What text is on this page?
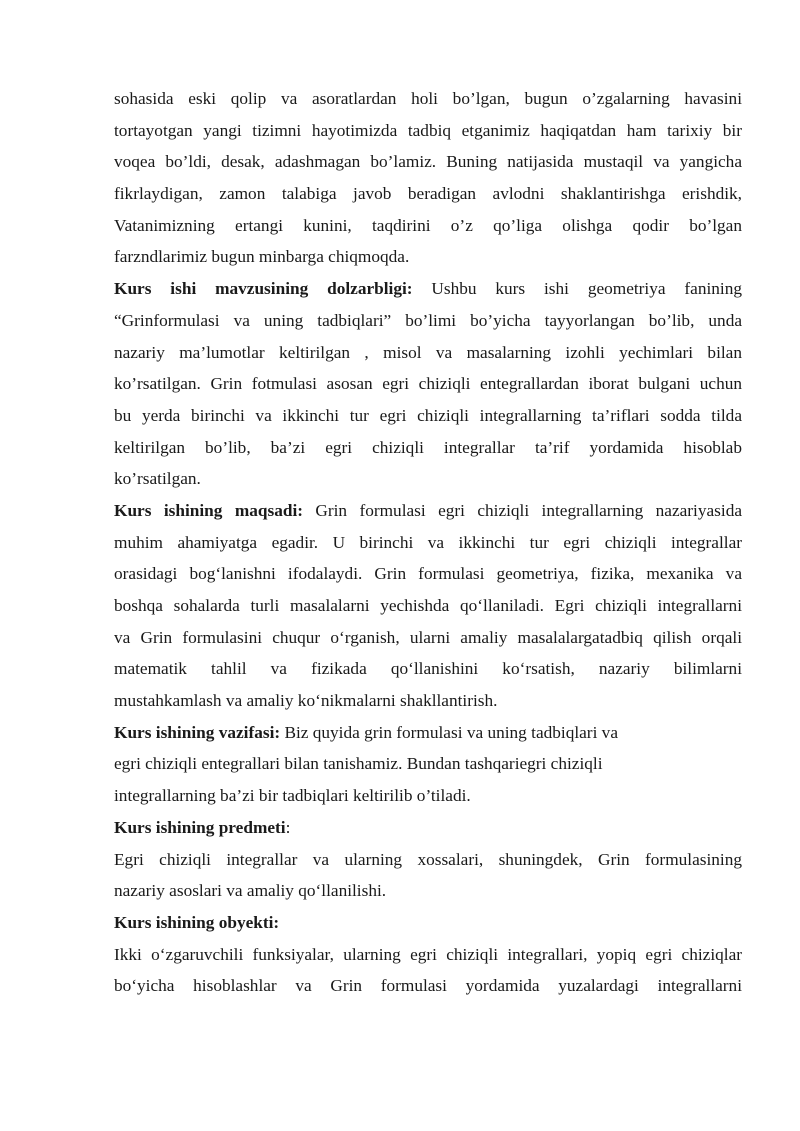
sohasida eski qolip va asoratlardan holi bo’lgan, bugun o’zgalarning havasini
tortayotgan yangi tizimni hayotimizda tadbiq etganimiz haqiqatdan ham tarixiy bir
voqea bo’ldi, desak, adashmagan bo’lamiz. Buning natijasida mustaqil va yangicha
fikrlaydigan, zamon talabiga javob beradigan avlodni shaklantirishga erishdik,
Vatanimizning ertangi kunini, taqdirini o’z qo’liga olishga qodir bo’lgan
farzndlarimiz bugun minbarga chiqmoqda.
Kurs ishi mavzusining dolzarbligi: Ushbu kurs ishi geometriya fanining
“Grinformulasi va uning tadbiqlari” bo’limi bo’yicha tayyorlangan bo’lib, unda
nazariy ma’lumotlar keltirilgan , misol va masalarning izohli yechimlari bilan
ko’rsatilgan. Grin fotmulasi asosan egri chiziqli entegrallardan iborat bulgani uchun
bu yerda birinchi va ikkinchi tur egri chiziqli integrallarning ta’riflari sodda tilda
keltirilgan bo’lib, ba’zi egri chiziqli integrallar ta’rif yordamida hisoblab
ko’rsatilgan.
Kurs ishining maqsadi: Grin formulasi egri chiziqli integrallarning nazariyasida
muhim ahamiyatga egadir. U birinchi va ikkinchi tur egri chiziqli integrallar
orasidagi bog‘lanishni ifodalaydi. Grin formulasi geometriya, fizika, mexanika va
boshqa sohalarda turli masalalarni yechishda qo‘llaniladi. Egri chiziqli integrallarni
va Grin formulasini chuqur o‘rganish, ularni amaliy masalalargatadbiq qilish orqali
matematik tahlil va fizikada qo‘llanishini ko‘rsatish, nazariy bilimlarni
mustahkamlash va amaliy ko‘nikmalarni shakllantirish.
Kurs ishining vazifasi: Biz quyida grin formulasi va uning tadbiqlari va
egri chiziqli entegrallari bilan tanishamiz. Bundan tashqariegri chiziqli
integrallarning ba’zi bir tadbiqlari keltirilib o’tiladi.
Kurs ishining predmeti:
Egri chiziqli integrallar va ularning xossalari, shuningdek, Grin formulasining
nazariy asoslari va amaliy qo‘llanilishi.
Kurs ishining obyekti:
Ikki o‘zgaruvchili funksiyalar, ularning egri chiziqli integrallari, yopiq egri chiziqlar
bo‘yicha hisoblashlar va Grin formulasi yordamida yuzalardagi integrallarni
